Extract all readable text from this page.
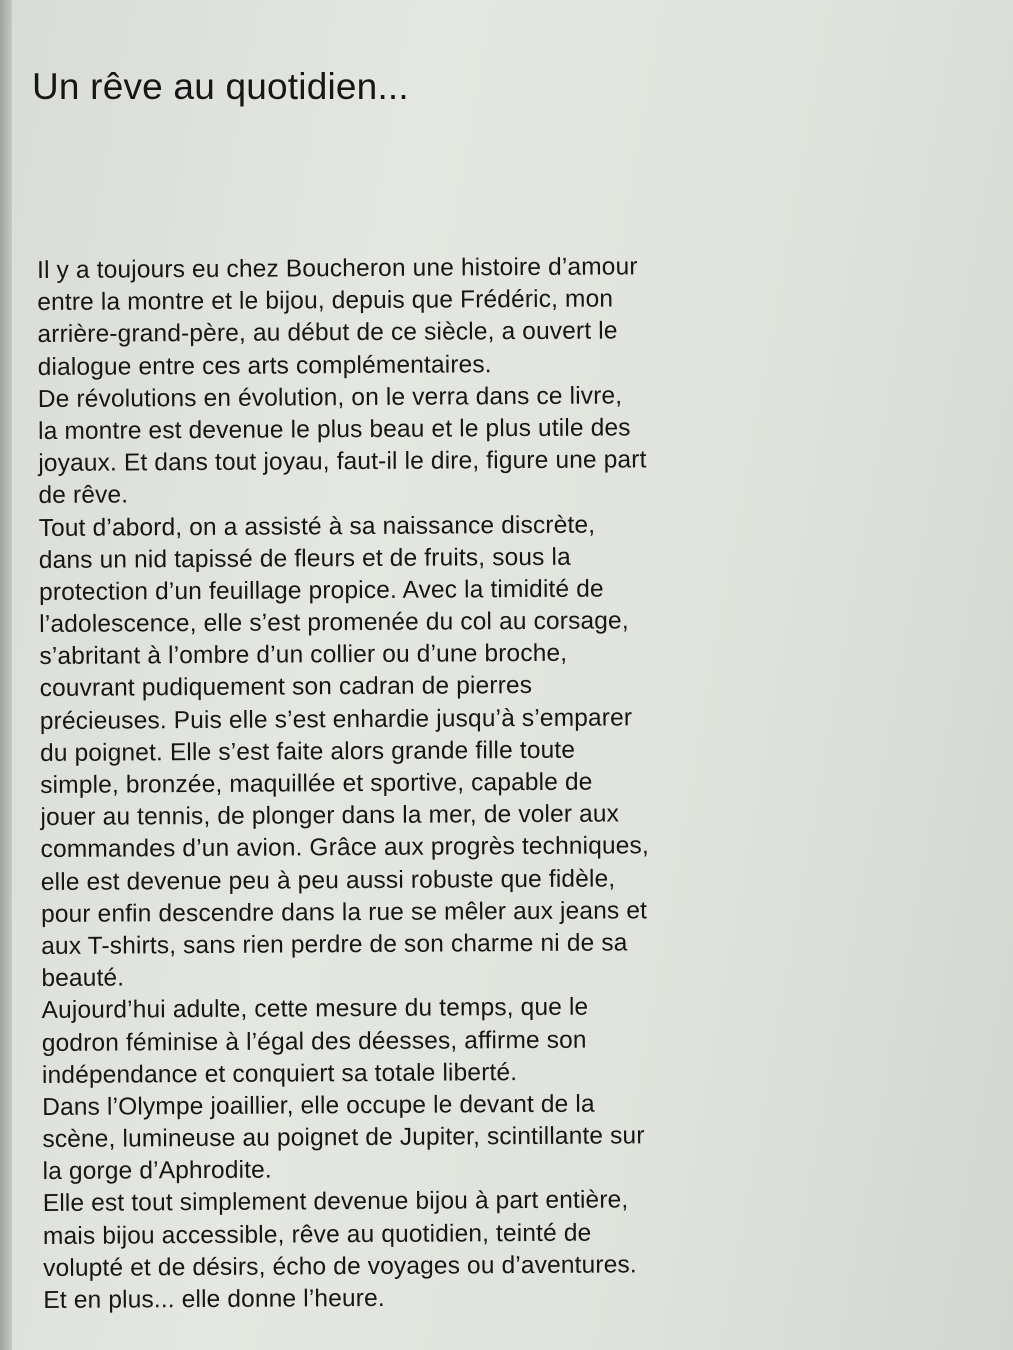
Un rêve au quotidien...
Il y a toujours eu chez Boucheron une histoire d’amour
entre la montre et le bijou, depuis que Frédéric, mon
arrière-grand-père, au début de ce siècle, a ouvert le
dialogue entre ces arts complémentaires.
De révolutions en évolution, on le verra dans ce livre,
la montre est devenue le plus beau et le plus utile des
joyaux. Et dans tout joyau, faut-il le dire, figure une part
de rêve.
Tout d’abord, on a assisté à sa naissance discrète,
dans un nid tapissé de fleurs et de fruits, sous la
protection d’un feuillage propice. Avec la timidité de
l’adolescence, elle s’est promenée du col au corsage,
s’abritant à l’ombre d’un collier ou d’une broche,
couvrant pudiquement son cadran de pierres
précieuses. Puis elle s’est enhardie jusqu’à s’emparer
du poignet. Elle s’est faite alors grande fille toute
simple, bronzée, maquillée et sportive, capable de
jouer au tennis, de plonger dans la mer, de voler aux
commandes d’un avion. Grâce aux progrès techniques,
elle est devenue peu à peu aussi robuste que fidèle,
pour enfin descendre dans la rue se mêler aux jeans et
aux T-shirts, sans rien perdre de son charme ni de sa
beauté.
Aujourd’hui adulte, cette mesure du temps, que le
godron féminise à l’égal des déesses, affirme son
indépendance et conquiert sa totale liberté.
Dans l’Olympe joaillier, elle occupe le devant de la
scène, lumineuse au poignet de Jupiter, scintillante sur
la gorge d’Aphrodite.
Elle est tout simplement devenue bijou à part entière,
mais bijou accessible, rêve au quotidien, teinté de
volupté et de désirs, écho de voyages ou d’aventures.
Et en plus... elle donne l’heure.
